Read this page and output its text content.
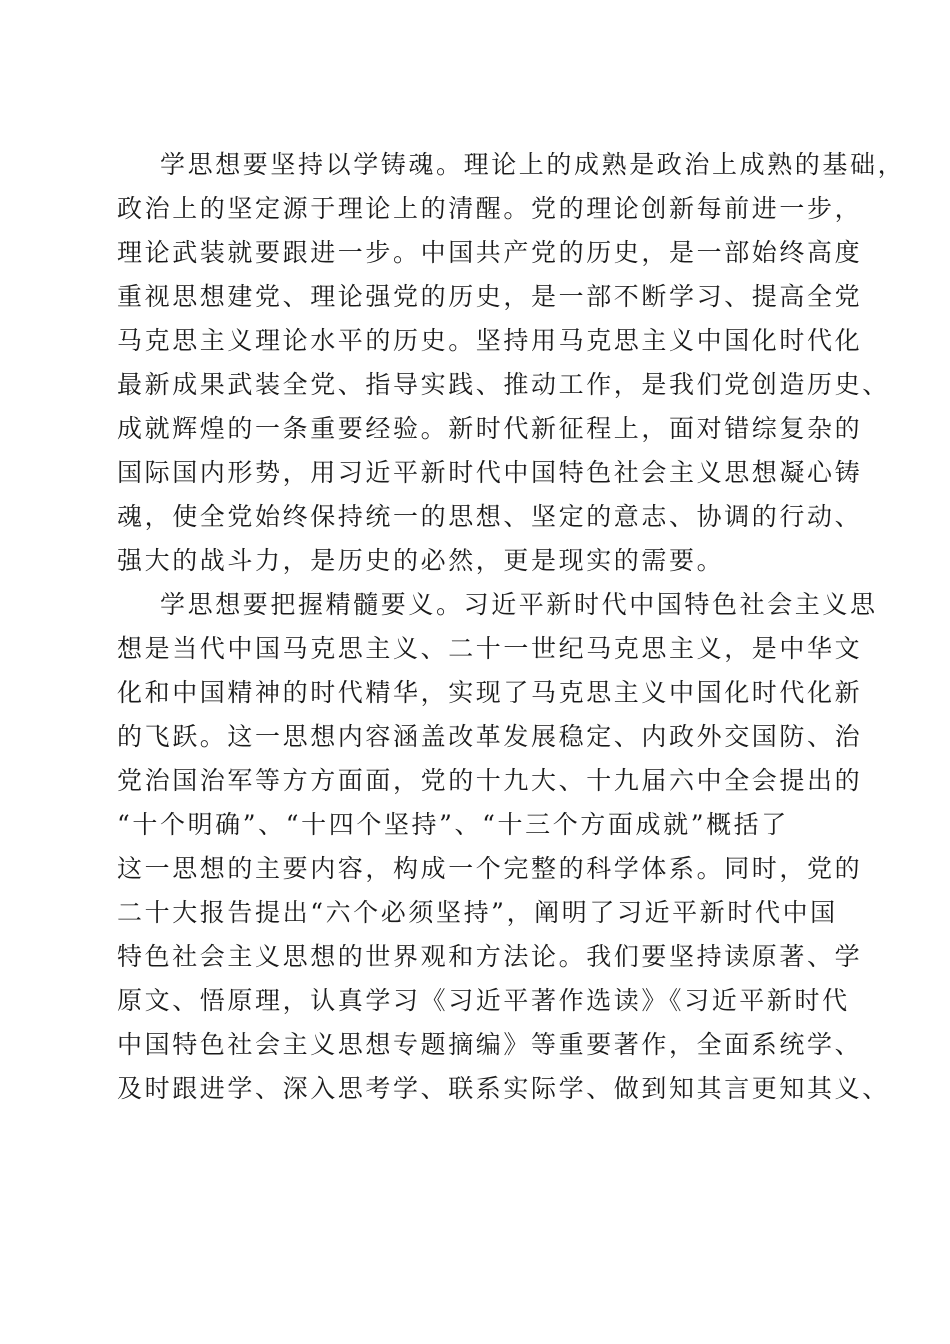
学思想要坚持以学铸魂。理论上的成熟是政治上成熟的基础，
政治上的坚定源于理论上的清醒。党的理论创新每前进一步，
理论武装就要跟进一步。中国共产党的历史，是一部始终高度
重视思想建党、理论强党的历史，是一部不断学习、提高全党
马克思主义理论水平的历史。坚持用马克思主义中国化时代化
最新成果武装全党、指导实践、推动工作，是我们党创造历史、
成就辉煌的一条重要经验。新时代新征程上，面对错综复杂的
国际国内形势，用习近平新时代中国特色社会主义思想凝心铸
魂，使全党始终保持统一的思想、坚定的意志、协调的行动、
强大的战斗力，是历史的必然，更是现实的需要。
学思想要把握精髓要义。习近平新时代中国特色社会主义思
想是当代中国马克思主义、二十一世纪马克思主义，是中华文
化和中国精神的时代精华，实现了马克思主义中国化时代化新
的飞跃。这一思想内容涵盖改革发展稳定、内政外交国防、治
党治国治军等方方面面，党的十九大、十九届六中全会提出的
“十个明确”、“十四个坚持”、“十三个方面成就”概括了
这一思想的主要内容，构成一个完整的科学体系。同时，党的
二十大报告提出“六个必须坚持”，阐明了习近平新时代中国
特色社会主义思想的世界观和方法论。我们要坚持读原著、学
原文、悟原理，认真学习《习近平著作选读》《习近平新时代
中国特色社会主义思想专题摘编》等重要著作，全面系统学、
及时跟进学、深入思考学、联系实际学、做到知其言更知其义、
